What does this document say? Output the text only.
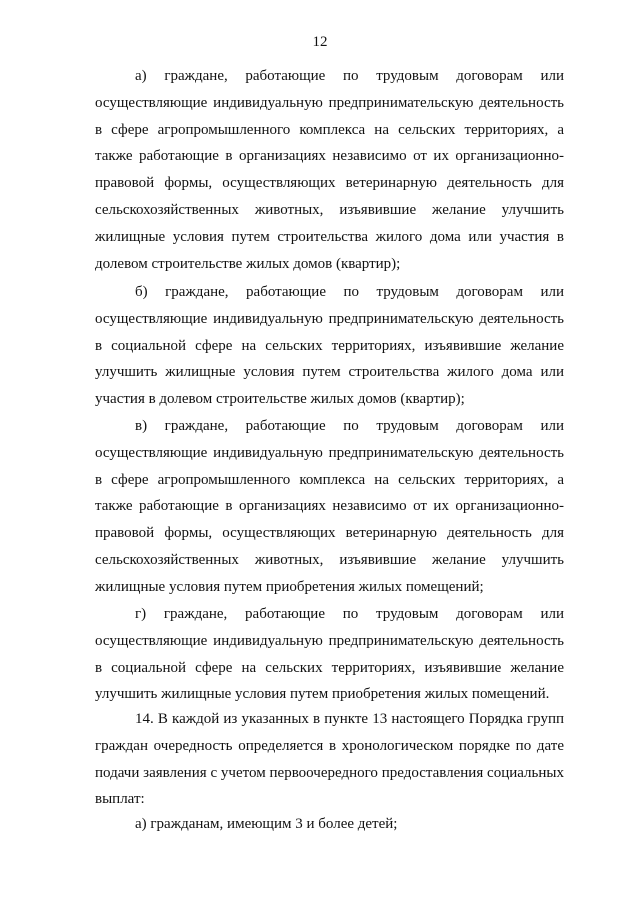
12

а) граждане, работающие по трудовым договорам или осуществляющие индивидуальную предпринимательскую деятельность в сфере агропромышленного комплекса на сельских территориях, а также работающие в организациях независимо от их организационно-правовой формы, осуществляющих ветеринарную деятельность для сельскохозяйственных животных, изъявившие желание улучшить жилищные условия путем строительства жилого дома или участия в долевом строительстве жилых домов (квартир);

б) граждане, работающие по трудовым договорам или осуществляющие индивидуальную предпринимательскую деятельность в социальной сфере на сельских территориях, изъявившие желание улучшить жилищные условия путем строительства жилого дома или участия в долевом строительстве жилых домов (квартир);

в) граждане, работающие по трудовым договорам или осуществляющие индивидуальную предпринимательскую деятельность в сфере агропромышленного комплекса на сельских территориях, а также работающие в организациях независимо от их организационно-правовой формы, осуществляющих ветеринарную деятельность для сельскохозяйственных животных, изъявившие желание улучшить жилищные условия путем приобретения жилых помещений;

г) граждане, работающие по трудовым договорам или осуществляющие индивидуальную предпринимательскую деятельность в социальной сфере на сельских территориях, изъявившие желание улучшить жилищные условия путем приобретения жилых помещений.

14. В каждой из указанных в пункте 13 настоящего Порядка групп граждан очередность определяется в хронологическом порядке по дате подачи заявления с учетом первоочередного предоставления социальных выплат:

а) гражданам, имеющим 3 и более детей;
